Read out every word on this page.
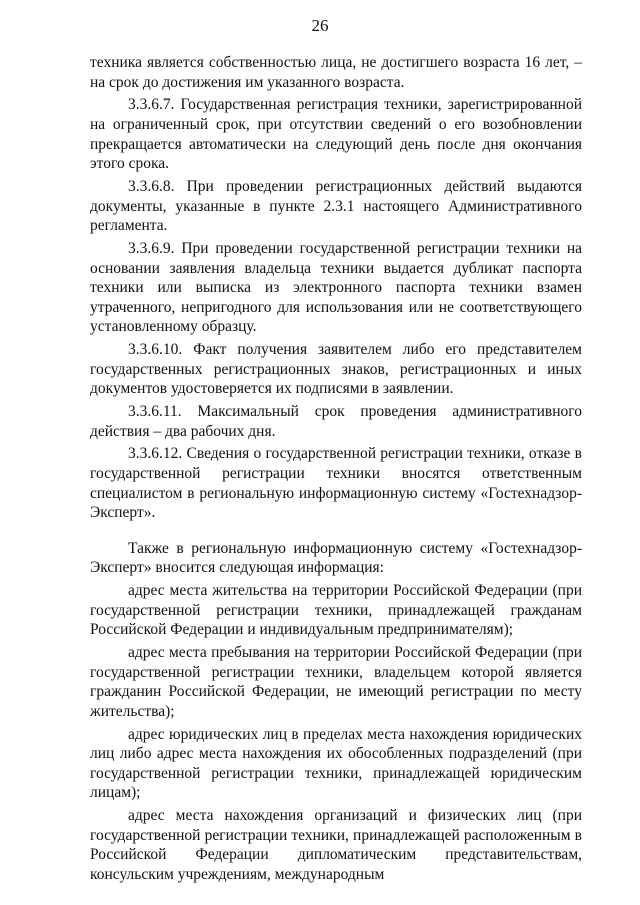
26

техника является собственностью лица, не достигшего возраста 16 лет, – на срок до достижения им указанного возраста.

3.3.6.7. Государственная регистрация техники, зарегистрированной на ограниченный срок, при отсутствии сведений о его возобновлении прекращается автоматически на следующий день после дня окончания этого срока.

3.3.6.8. При проведении регистрационных действий выдаются документы, указанные в пункте 2.3.1 настоящего Административного регламента.

3.3.6.9. При проведении государственной регистрации техники на основании заявления владельца техники выдается дубликат паспорта техники или выписка из электронного паспорта техники взамен утраченного, непригодного для использования или не соответствующего установленному образцу.

3.3.6.10. Факт получения заявителем либо его представителем государственных регистрационных знаков, регистрационных и иных документов удостоверяется их подписями в заявлении.

3.3.6.11. Максимальный срок проведения административного действия – два рабочих дня.

3.3.6.12. Сведения о государственной регистрации техники, отказе в государственной регистрации техники вносятся ответственным специалистом в региональную информационную систему «Гостехнадзор-Эксперт».

Также в региональную информационную систему «Гостехнадзор-Эксперт» вносится следующая информация:

адрес места жительства на территории Российской Федерации (при государственной регистрации техники, принадлежащей гражданам Российской Федерации и индивидуальным предпринимателям);

адрес места пребывания на территории Российской Федерации (при государственной регистрации техники, владельцем которой является гражданин Российской Федерации, не имеющий регистрации по месту жительства);

адрес юридических лиц в пределах места нахождения юридических лиц либо адрес места нахождения их обособленных подразделений (при государственной регистрации техники, принадлежащей юридическим лицам);

адрес места нахождения организаций и физических лиц (при государственной регистрации техники, принадлежащей расположенным в Российской Федерации дипломатическим представительствам, консульским учреждениям, международным
